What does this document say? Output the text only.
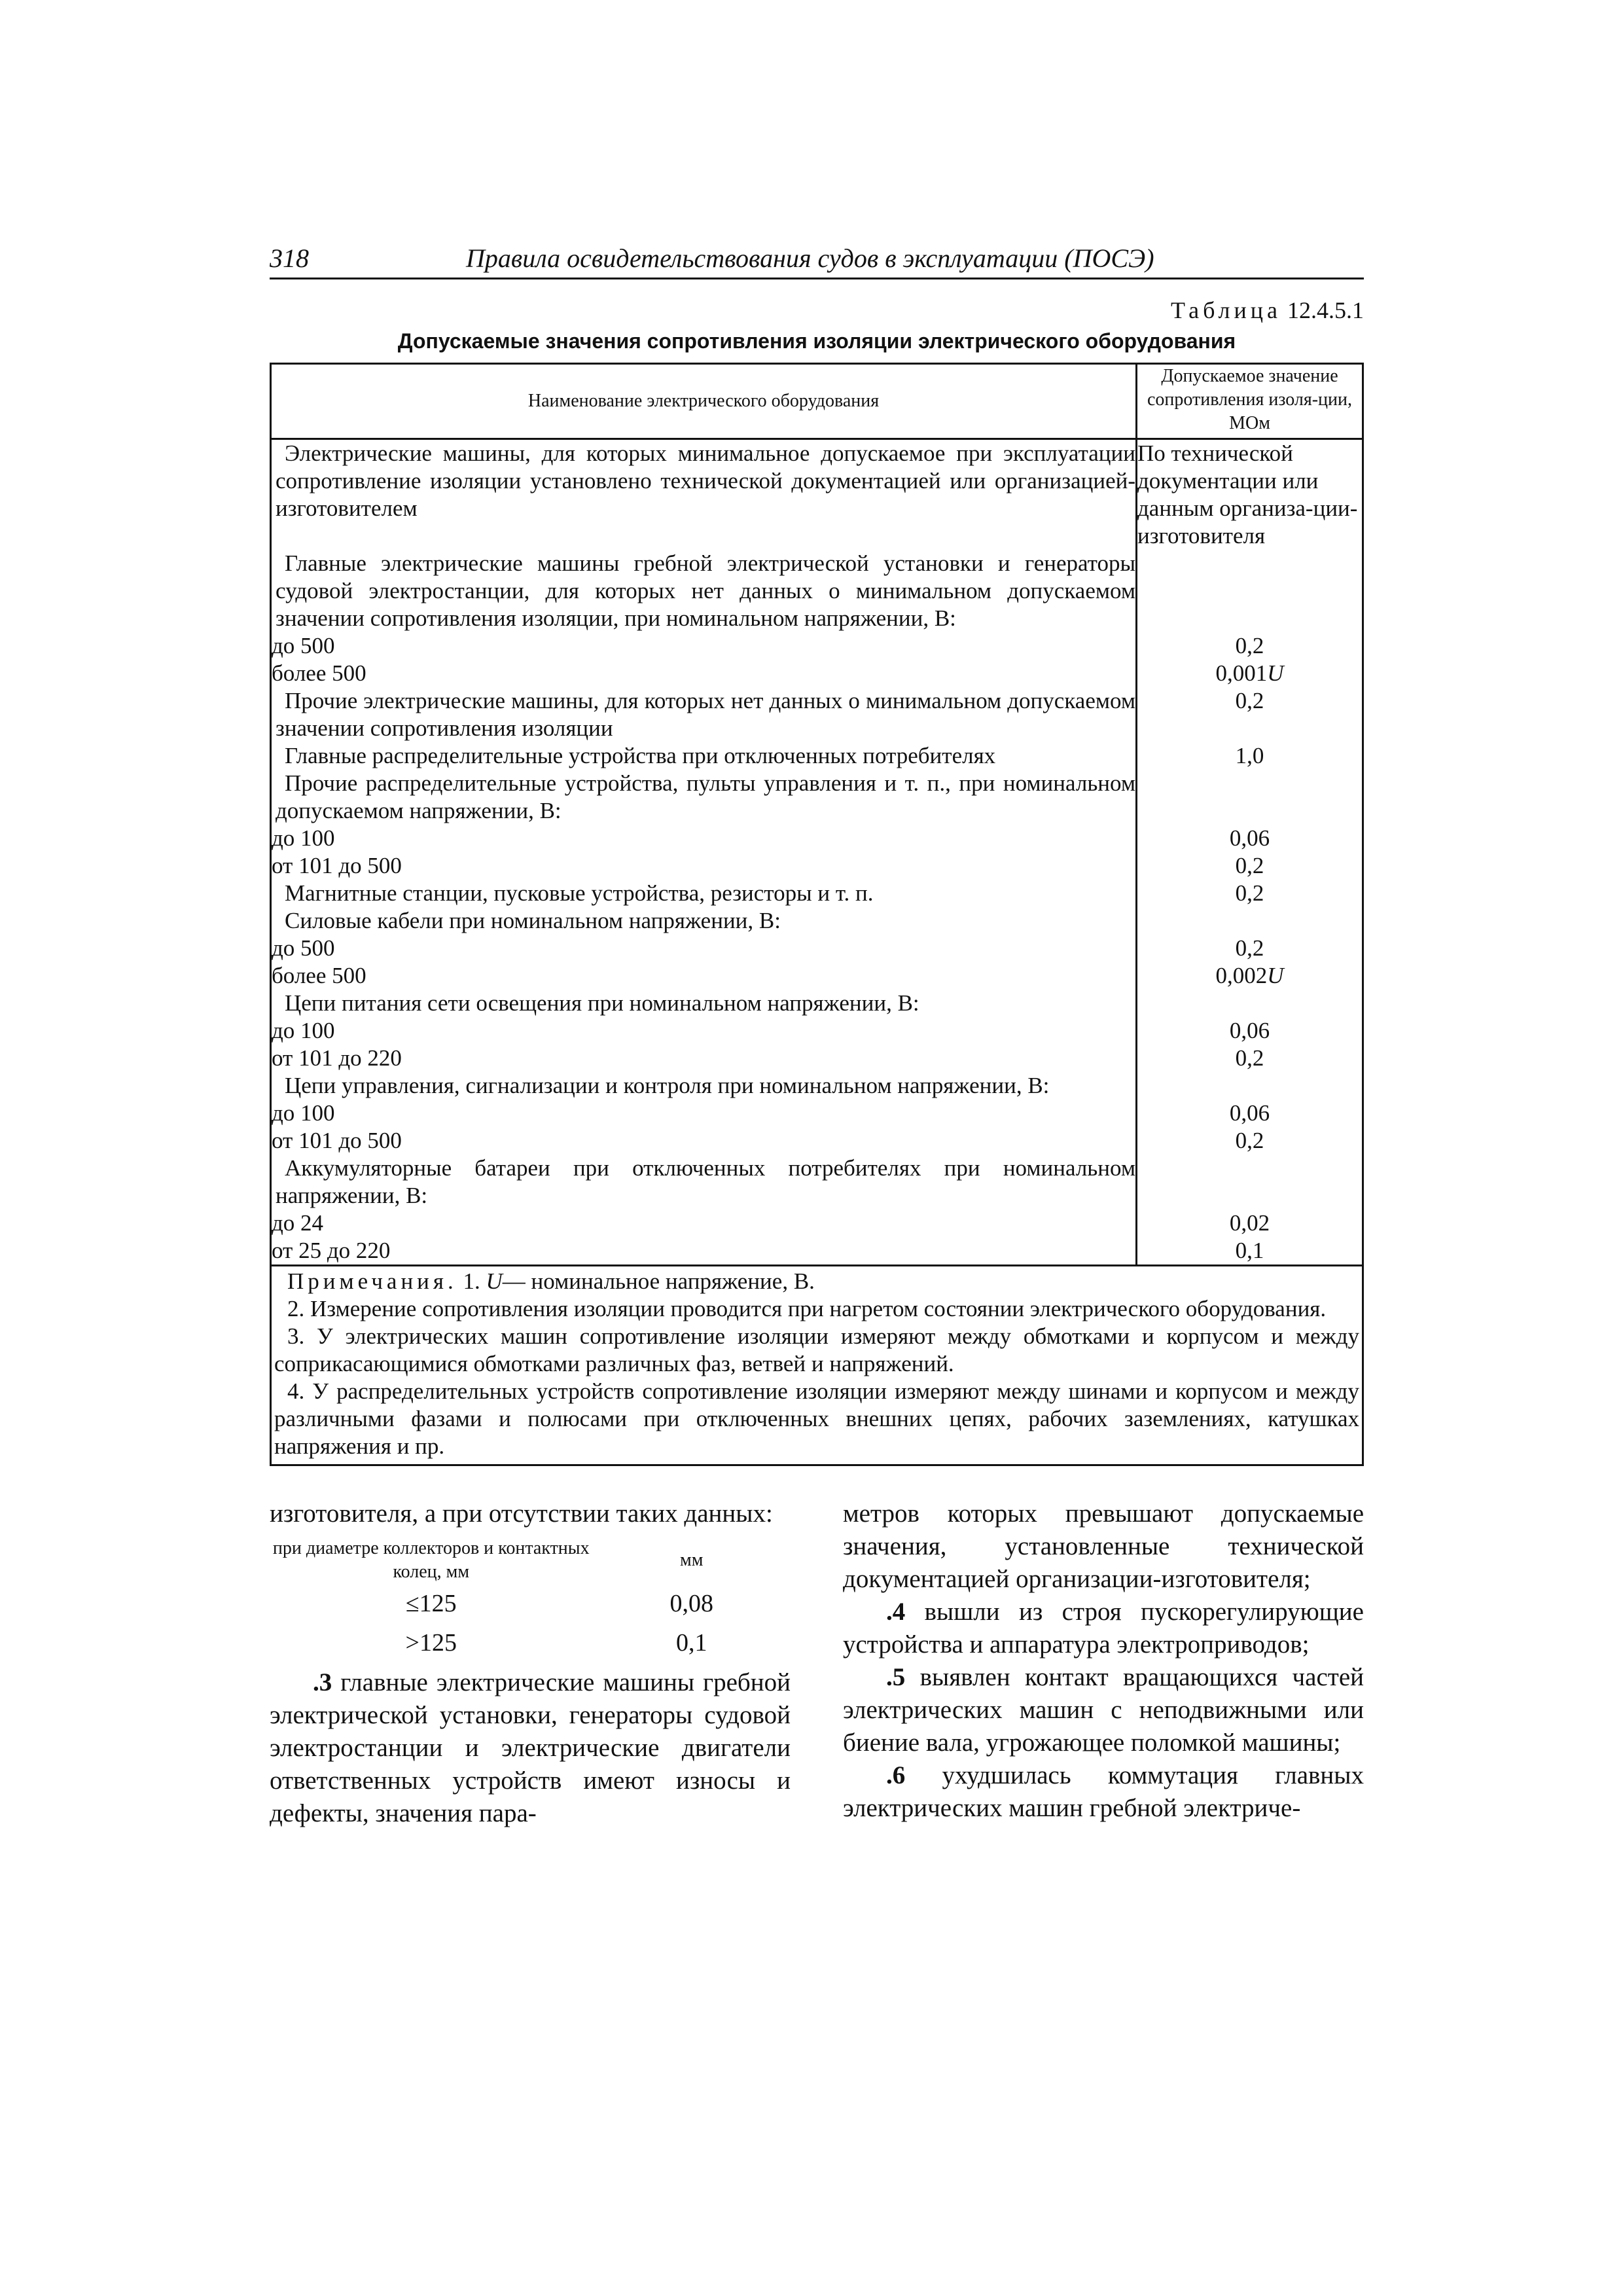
318	Правила освидетельствования судов в эксплуатации (ПОСЭ)
Таблица 12.4.5.1
Допускаемые значения сопротивления изоляции электрического оборудования
Наименование электрического оборудования	Допускаемое значение сопротивления изоля-ции, МОм
Электрические машины, для которых минимальное допускаемое при эксплуатации сопротивление изоляции установлено технической документацией или организацией-изготовителем	По технической документации или данным организа-ции-изготовителя
Главные электрические машины гребной электрической установки и генераторы судовой электростанции, для которых нет данных о минимальном допускаемом значении сопротивления изоляции, при номинальном напряжении, В:	
до 500	0,2
более 500	0,001U
Прочие электрические машины, для которых нет данных о минимальном допускаемом значении сопротивления изоляции	0,2
Главные распределительные устройства при отключенных потребителях	1,0
Прочие распределительные устройства, пульты управления и т. п., при номинальном допускаемом напряжении, В:	
до 100	0,06
от 101 до 500	0,2
Магнитные станции, пусковые устройства, резисторы и т. п.	0,2
Силовые кабели при номинальном напряжении, В:	
до 500	0,2
более 500	0,002U
Цепи питания сети освещения при номинальном напряжении, В:	
до 100	0,06
от 101 до 220	0,2
Цепи управления, сигнализации и контроля при номинальном напряжении, В:	
до 100	0,06
от 101 до 500	0,2
Аккумуляторные батареи при отключенных потребителях при номинальном напряжении, В:	
до 24	0,02
от 25 до 220	0,1

Примечания. 1. U— номинальное напряжение, В.

2. Измерение сопротивления изоляции проводится при нагретом состоянии электрического оборудования.

3. У электрических машин сопротивление изоляции измеряют между обмотками и корпусом и между соприкасающимися обмотками различных фаз, ветвей и напряжений.

4. У распределительных устройств сопротивление изоляции измеряют между шинами и корпусом и между различными фазами и полюсами при отключенных внешних цепях, рабочих заземлениях, катушках напряжения и пр.

изготовителя, а при отсутствии таких данных:

при диаметре коллекторов и контактных колец, мм	мм
≤125	0,08
>125	0,1

.3 главные электрические машины гребной электрической установки, генераторы судовой электростанции и электрические двигатели ответственных устройств имеют износы и дефекты, значения пара-

метров которых превышают допускаемые значения, установленные технической документацией организации-изготовителя;

.4 вышли из строя пускорегулирующие устройства и аппаратура электроприводов;

.5 выявлен контакт вращающихся частей электрических машин с неподвижными или биение вала, угрожающее поломкой машины;

.6 ухудшилась коммутация главных электрических машин гребной электриче-
